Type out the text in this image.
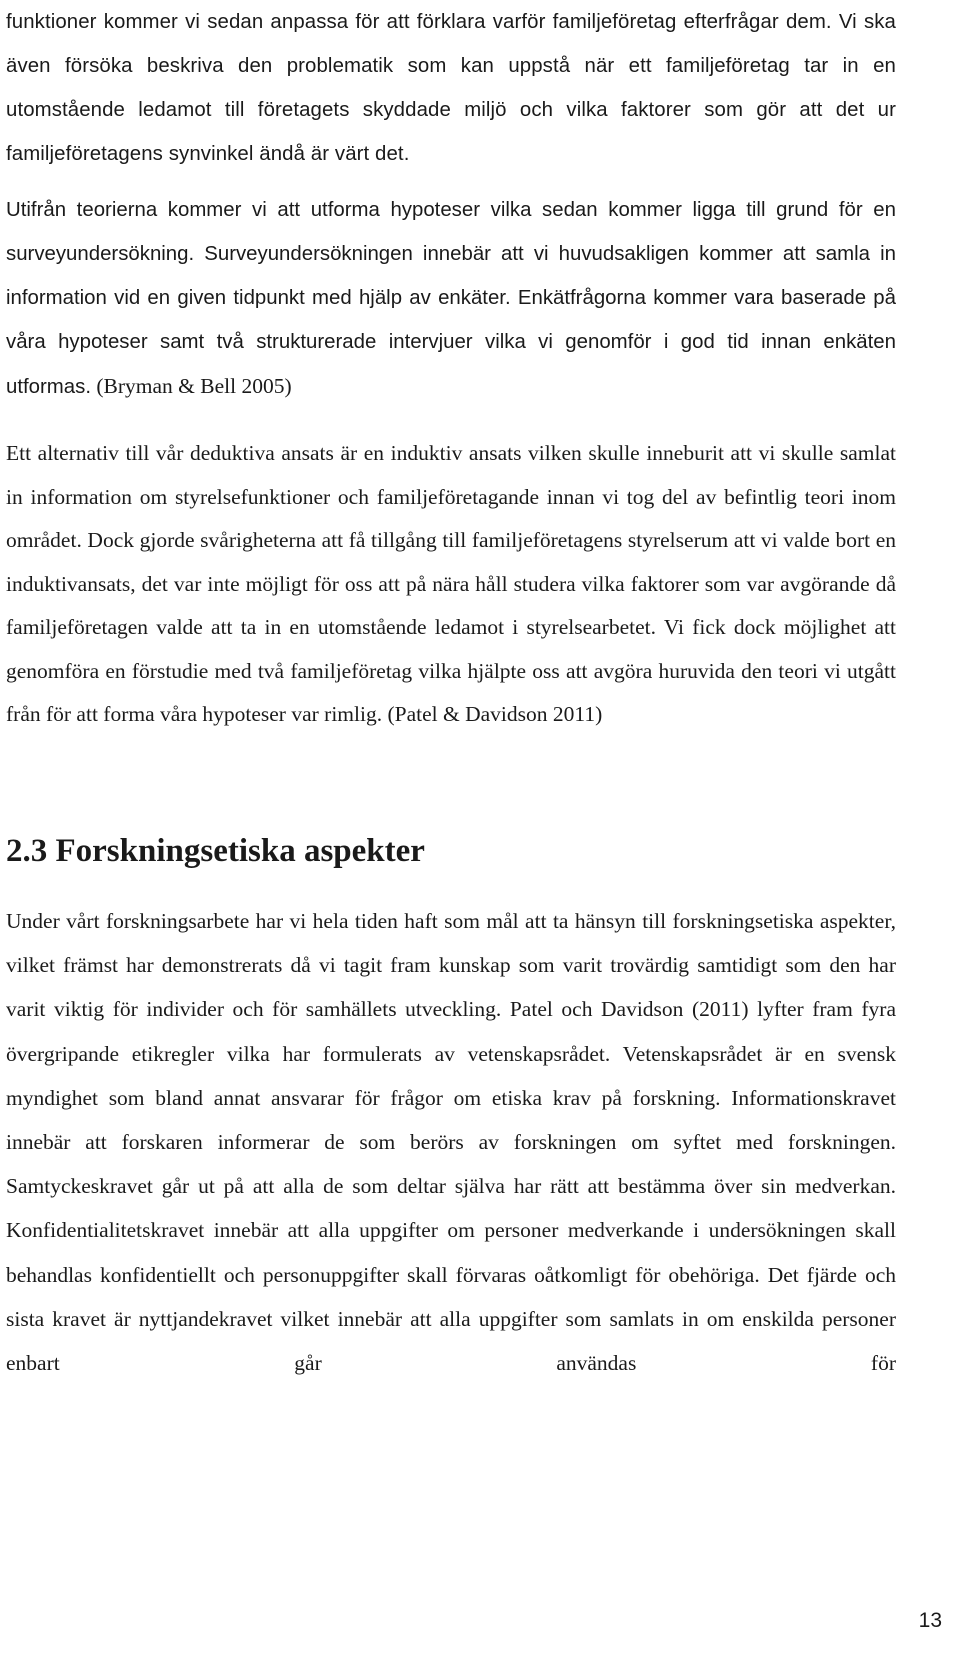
funktioner kommer vi sedan anpassa för att förklara varför familjeföretag efterfrågar dem. Vi ska även försöka beskriva den problematik som kan uppstå när ett familjeföretag tar in en utomstående ledamot till företagets skyddade miljö och vilka faktorer som gör att det ur familjeföretagens synvinkel ändå är värt det.

Utifrån teorierna kommer vi att utforma hypoteser vilka sedan kommer ligga till grund för en surveyundersökning. Surveyundersökningen innebär att vi huvudsakligen kommer att samla in information vid en given tidpunkt med hjälp av enkäter. Enkätfrågorna kommer vara baserade på våra hypoteser samt två strukturerade intervjuer vilka vi genomför i god tid innan enkäten utformas. (Bryman & Bell 2005)

Ett alternativ till vår deduktiva ansats är en induktiv ansats vilken skulle inneburit att vi skulle samlat in information om styrelsefunktioner och familjeföretagande innan vi tog del av befintlig teori inom området. Dock gjorde svårigheterna att få tillgång till familjeföretagens styrelserum att vi valde bort en induktivansats, det var inte möjligt för oss att på nära håll studera vilka faktorer som var avgörande då familjeföretagen valde att ta in en utomstående ledamot i styrelsearbetet. Vi fick dock möjlighet att genomföra en förstudie med två familjeföretag vilka hjälpte oss att avgöra huruvida den teori vi utgått från för att forma våra hypoteser var rimlig. (Patel & Davidson 2011)

2.3 Forskningsetiska aspekter

Under vårt forskningsarbete har vi hela tiden haft som mål att ta hänsyn till forskningsetiska aspekter, vilket främst har demonstrerats då vi tagit fram kunskap som varit trovärdig samtidigt som den har varit viktig för individer och för samhällets utveckling. Patel och Davidson (2011) lyfter fram fyra övergripande etikregler vilka har formulerats av vetenskapsrådet. Vetenskapsrådet är en svensk myndighet som bland annat ansvarar för frågor om etiska krav på forskning. Informationskravet innebär att forskaren informerar de som berörs av forskningen om syftet med forskningen. Samtyckeskravet går ut på att alla de som deltar själva har rätt att bestämma över sin medverkan. Konfidentialitetskravet innebär att alla uppgifter om personer medverkande i undersökningen skall behandlas konfidentiellt och personuppgifter skall förvaras oåtkomligt för obehöriga. Det fjärde och sista kravet är nyttjandekravet vilket innebär att alla uppgifter som samlats in om enskilda personer enbart går användas för

13
